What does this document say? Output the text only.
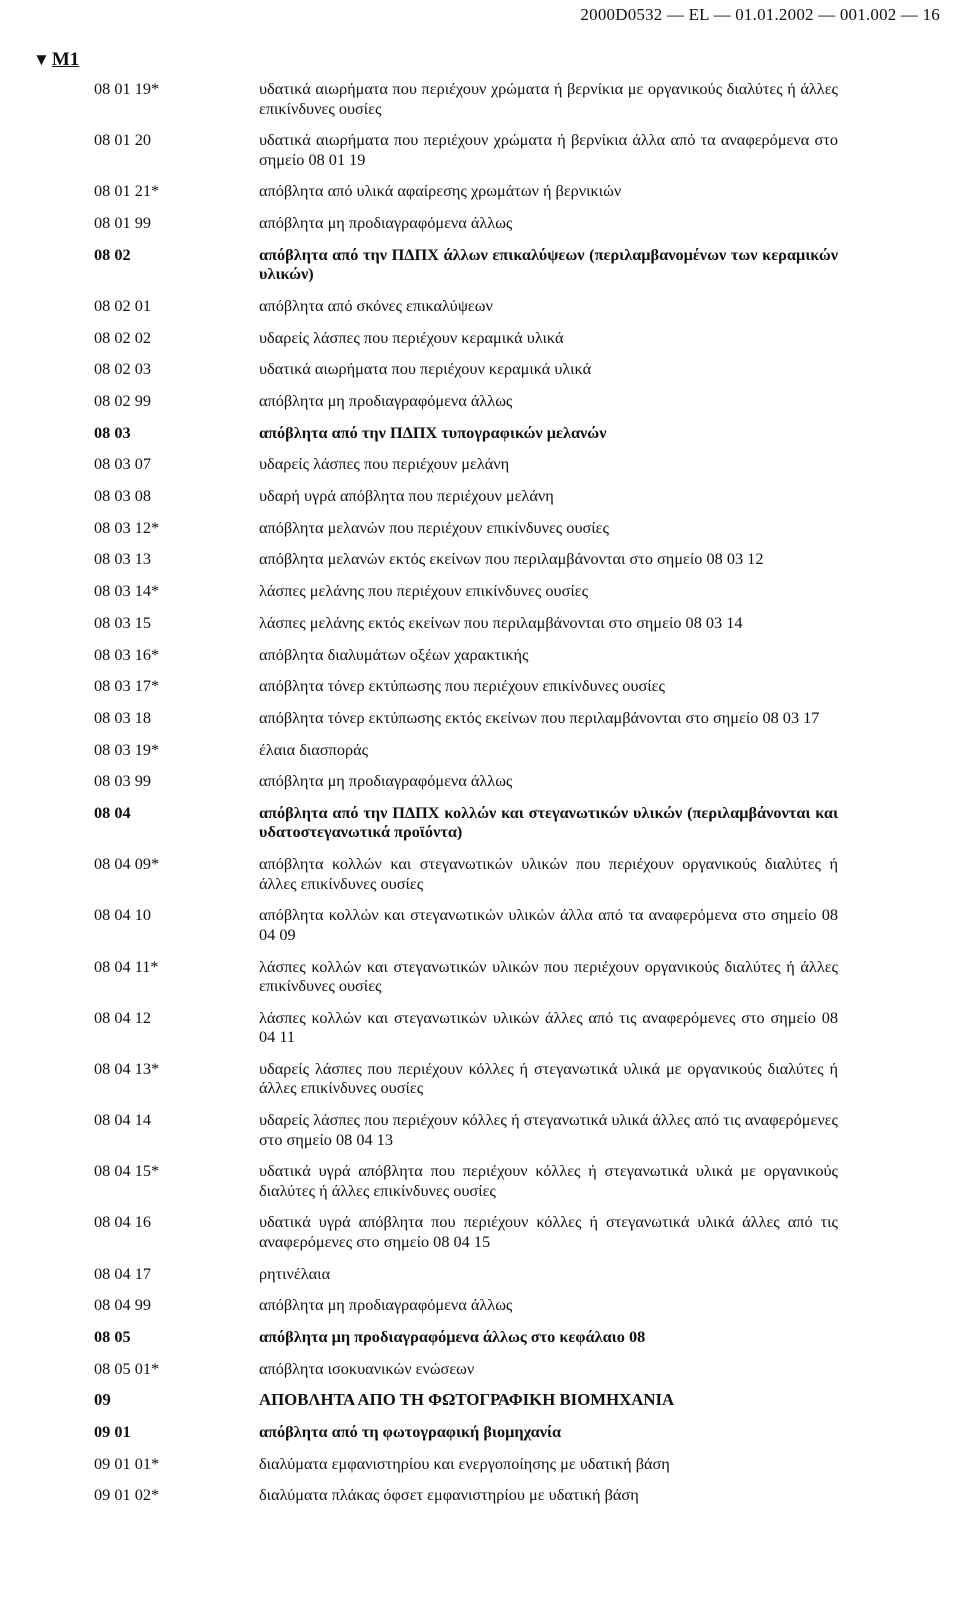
2000D0532 — EL — 01.01.2002 — 001.002 — 16
▼ M1
08 01 19*	υδατικά αιωρήματα που περιέχουν χρώματα ή βερνίκια με οργανικούς διαλύτες ή άλλες επικίνδυνες ουσίες
08 01 20	υδατικά αιωρήματα που περιέχουν χρώματα ή βερνίκια άλλα από τα αναφερόμενα στο σημείο 08 01 19
08 01 21*	απόβλητα από υλικά αφαίρεσης χρωμάτων ή βερνικιών
08 01 99	απόβλητα μη προδιαγραφόμενα άλλως
08 02	απόβλητα από την ΠΔΠΧ άλλων επικαλύψεων (περιλαμβανομένων των κεραμικών υλικών)
08 02 01	απόβλητα από σκόνες επικαλύψεων
08 02 02	υδαρείς λάσπες που περιέχουν κεραμικά υλικά
08 02 03	υδατικά αιωρήματα που περιέχουν κεραμικά υλικά
08 02 99	απόβλητα μη προδιαγραφόμενα άλλως
08 03	απόβλητα από την ΠΔΠΧ τυπογραφικών μελανών
08 03 07	υδαρείς λάσπες που περιέχουν μελάνη
08 03 08	υδαρή υγρά απόβλητα που περιέχουν μελάνη
08 03 12*	απόβλητα μελανών που περιέχουν επικίνδυνες ουσίες
08 03 13	απόβλητα μελανών εκτός εκείνων που περιλαμβάνονται στο σημείο 08 03 12
08 03 14*	λάσπες μελάνης που περιέχουν επικίνδυνες ουσίες
08 03 15	λάσπες μελάνης εκτός εκείνων που περιλαμβάνονται στο σημείο 08 03 14
08 03 16*	απόβλητα διαλυμάτων οξέων χαρακτικής
08 03 17*	απόβλητα τόνερ εκτύπωσης που περιέχουν επικίνδυνες ουσίες
08 03 18	απόβλητα τόνερ εκτύπωσης εκτός εκείνων που περιλαμβάνονται στο σημείο 08 03 17
08 03 19*	έλαια διασποράς
08 03 99	απόβλητα μη προδιαγραφόμενα άλλως
08 04	απόβλητα από την ΠΔΠΧ κολλών και στεγανωτικών υλικών (περιλαμβάνονται και υδατοστεγανωτικά προϊόντα)
08 04 09*	απόβλητα κολλών και στεγανωτικών υλικών που περιέχουν οργανικούς διαλύτες ή άλλες επικίνδυνες ουσίες
08 04 10	απόβλητα κολλών και στεγανωτικών υλικών άλλα από τα αναφερόμενα στο σημείο 08 04 09
08 04 11*	λάσπες κολλών και στεγανωτικών υλικών που περιέχουν οργανικούς διαλύτες ή άλλες επικίνδυνες ουσίες
08 04 12	λάσπες κολλών και στεγανωτικών υλικών άλλες από τις αναφερόμενες στο σημείο 08 04 11
08 04 13*	υδαρείς λάσπες που περιέχουν κόλλες ή στεγανωτικά υλικά με οργανικούς διαλύτες ή άλλες επικίνδυνες ουσίες
08 04 14	υδαρείς λάσπες που περιέχουν κόλλες ή στεγανωτικά υλικά άλλες από τις αναφερόμενες στο σημείο 08 04 13
08 04 15*	υδατικά υγρά απόβλητα που περιέχουν κόλλες ή στεγανωτικά υλικά με οργανικούς διαλύτες ή άλλες επικίνδυνες ουσίες
08 04 16	υδατικά υγρά απόβλητα που περιέχουν κόλλες ή στεγανωτικά υλικά άλλες από τις αναφερόμενες στο σημείο 08 04 15
08 04 17	ρητινέλαια
08 04 99	απόβλητα μη προδιαγραφόμενα άλλως
08 05	απόβλητα μη προδιαγραφόμενα άλλως στο κεφάλαιο 08
08 05 01*	απόβλητα ισοκυανικών ενώσεων
09	ΑΠΟΒΛΗΤΑ ΑΠΟ ΤΗ ΦΩΤΟΓΡΑΦΙΚΗ ΒΙΟΜΗΧΑΝΙΑ
09 01	απόβλητα από τη φωτογραφική βιομηχανία
09 01 01*	διαλύματα εμφανιστηρίου και ενεργοποίησης με υδατική βάση
09 01 02*	διαλύματα πλάκας όφσετ εμφανιστηρίου με υδατική βάση
